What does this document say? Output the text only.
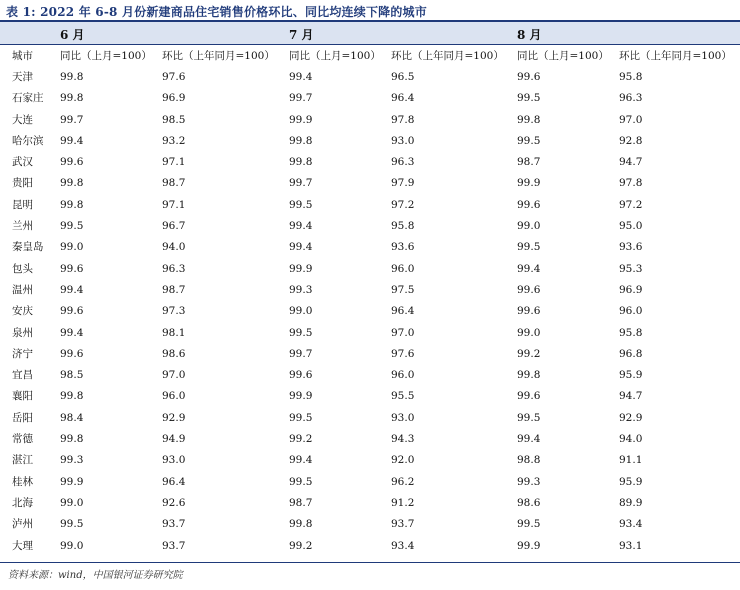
表 1: 2022 年 6-8 月份新建商品住宅销售价格环比、同比均连续下降的城市
6 月	7 月	8 月
城市	同比（上月=100） 环比（上年同月=100） 同比（上月=100） 环比（上年同月=100） 同比（上月=100） 环比（上年同月=100）
天津	99.8	97.6	99.4	96.5	99.6	95.8
石家庄 99.8	96.9	99.7	96.4	99.5	96.3
大连	99.7	98.5	99.9	97.8	99.8	97.0
哈尔滨 99.4	93.2	99.8	93.0	99.5	92.8
武汉	99.6	97.1	99.8	96.3	98.7	94.7
贵阳	99.8	98.7	99.7	97.9	99.9	97.8
昆明	99.8	97.1	99.5	97.2	99.6	97.2
兰州	99.5	96.7	99.4	95.8	99.0	95.0
秦皇岛 99.0	94.0	99.4	93.6	99.5	93.6
包头	99.6	96.3	99.9	96.0	99.4	95.3
温州	99.4	98.7	99.3	97.5	99.6	96.9
安庆	99.6	97.3	99.0	96.4	99.6	96.0
泉州	99.4	98.1	99.5	97.0	99.0	95.8
济宁	99.6	98.6	99.7	97.6	99.2	96.8
宜昌	98.5	97.0	99.6	96.0	99.8	95.9
襄阳	99.8	96.0	99.9	95.5	99.6	94.7
岳阳	98.4	92.9	99.5	93.0	99.5	92.9
常德	99.8	94.9	99.2	94.3	99.4	94.0
湛江	99.3	93.0	99.4	92.0	98.8	91.1
桂林	99.9	96.4	99.5	96.2	99.3	95.9
北海	99.0	92.6	98.7	91.2	98.6	89.9
泸州	99.5	93.7	99.8	93.7	99.5	93.4
大理	99.0	93.7	99.2	93.4	99.9	93.1
资料来源：wind，中国银河证券研究院
